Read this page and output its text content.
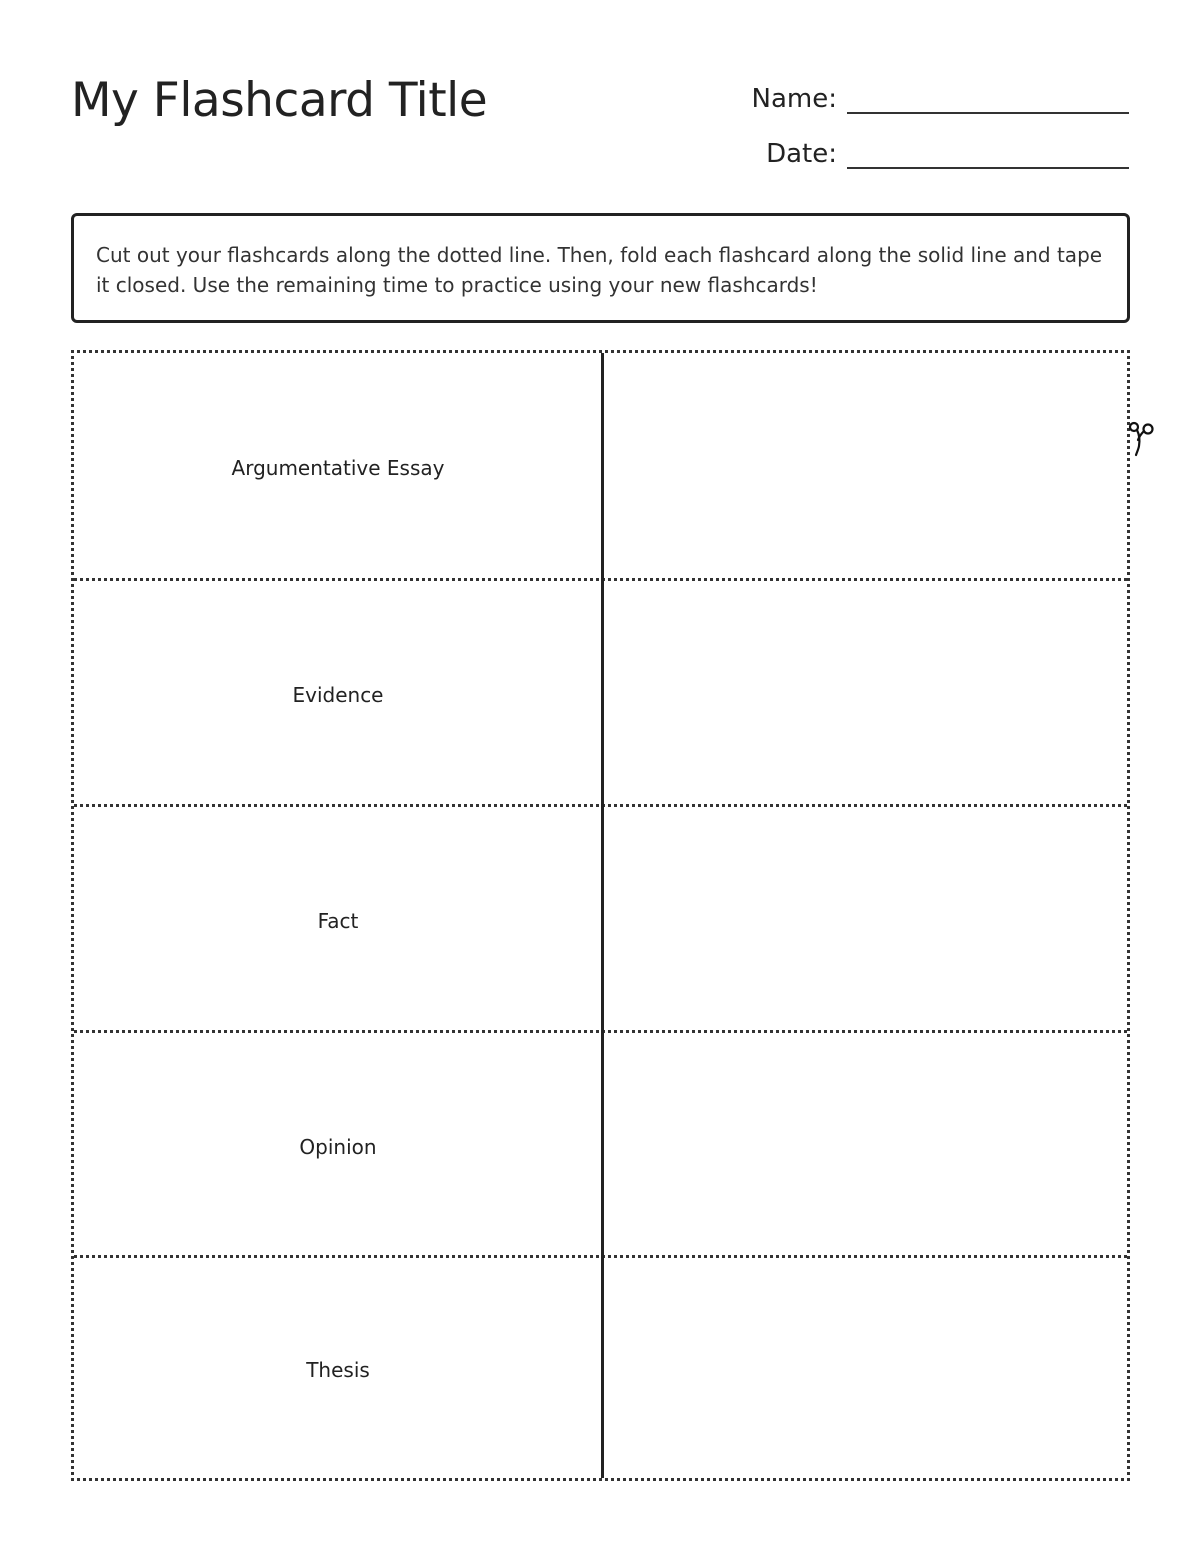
My Flashcard Title	Name:
Date:

Cut out your flashcards along the dotted line. Then, fold each flashcard along the solid line and tape it closed. Use the remaining time to practice using your new flashcards!

Argumentative Essay
Evidence
Fact
Opinion
Thesis
